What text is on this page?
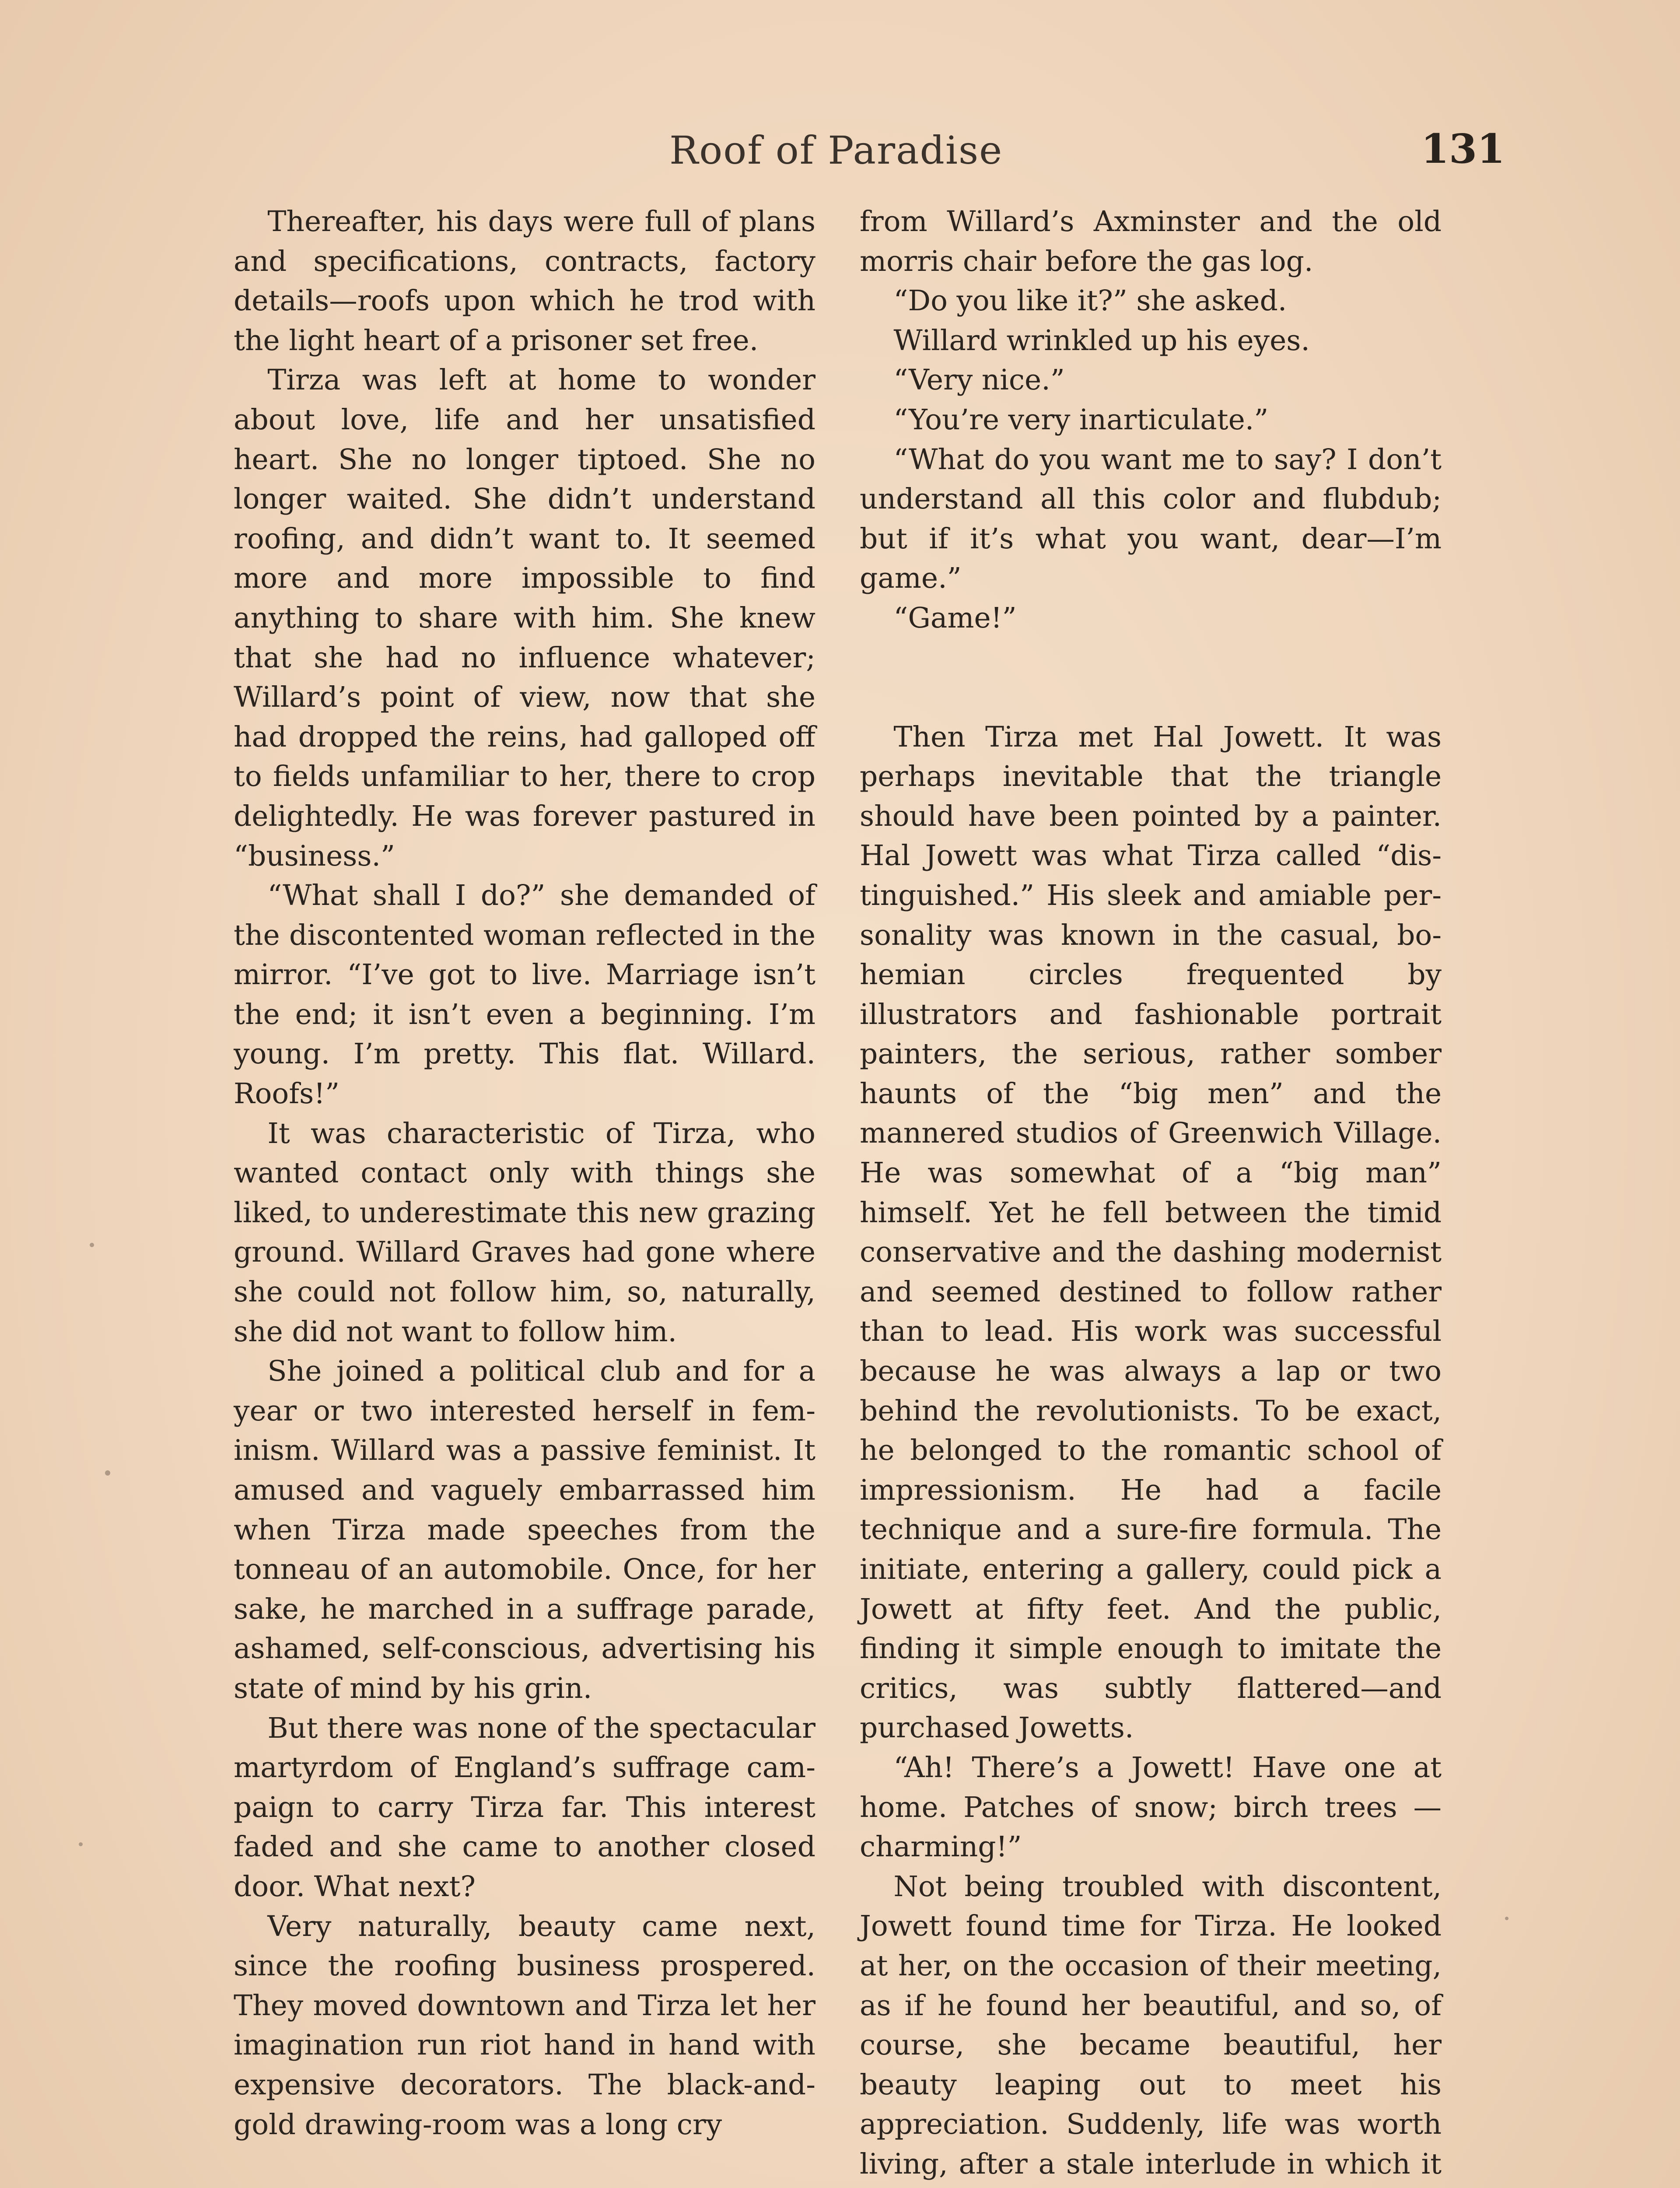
Roof of Paradise	131

Thereafter, his days were full of plans and specifications, contracts, factory details—roofs upon which he trod with the light heart of a prisoner set free.

Tirza was left at home to wonder about love, life and her unsatisfied heart. She no longer tiptoed. She no longer waited. She didn’t understand roofing, and didn’t want to. It seemed more and more impossible to find anything to share with him. She knew that she had no influence whatever; Willard’s point of view, now that she had dropped the reins, had galloped off to fields unfamiliar to her, there to crop delightedly. He was forever pastured in “business.”

“What shall I do?” she demanded of the discontented woman reflected in the mirror. “I’ve got to live. Marriage isn’t the end; it isn’t even a beginning. I’m young. I’m pretty. This flat. Willard. Roofs!”

It was characteristic of Tirza, who wanted contact only with things she liked, to underestimate this new grazing ground. Willard Graves had gone where she could not follow him, so, naturally, she did not want to follow him.

She joined a political club and for a year or two interested herself in feminism. Willard was a passive feminist. It amused and vaguely embarrassed him when Tirza made speeches from the tonneau of an automobile. Once, for her sake, he marched in a suffrage parade, ashamed, self-conscious, advertising his state of mind by his grin.

But there was none of the spectacular martyrdom of England’s suffrage campaign to carry Tirza far. This interest faded and she came to another closed door. What next?

Very naturally, beauty came next, since the roofing business prospered. They moved downtown and Tirza let her imagination run riot hand in hand with expensive decorators. The black-and-gold drawing-room was a long cry

from Willard’s Axminster and the old morris chair before the gas log.

“Do you like it?” she asked.

Willard wrinkled up his eyes.

“Very nice.”

“You’re very inarticulate.”

“What do you want me to say? I don’t understand all this color and flubdub; but if it’s what you want, dear—I’m game.”

“Game!”

Then Tirza met Hal Jowett. It was perhaps inevitable that the triangle should have been pointed by a painter. Hal Jowett was what Tirza called “distinguished.” His sleek and amiable personality was known in the casual, bohemian circles frequented by illustrators and fashionable portrait painters, the serious, rather somber haunts of the “big men” and the mannered studios of Greenwich Village. He was somewhat of a “big man” himself. Yet he fell between the timid conservative and the dashing modernist and seemed destined to follow rather than to lead. His work was successful because he was always a lap or two behind the revolutionists. To be exact, he belonged to the romantic school of impressionism. He had a facile technique and a sure-fire formula. The initiate, entering a gallery, could pick a Jowett at fifty feet. And the public, finding it simple enough to imitate the critics, was subtly flattered—and purchased Jowetts.

“Ah! There’s a Jowett! Have one at home. Patches of snow; birch trees —charming!”

Not being troubled with discontent, Jowett found time for Tirza. He looked at her, on the occasion of their meeting, as if he found her beautiful, and so, of course, she became beautiful, her beauty leaping out to meet his appreciation. Suddenly, life was worth living, after a stale interlude in which it
